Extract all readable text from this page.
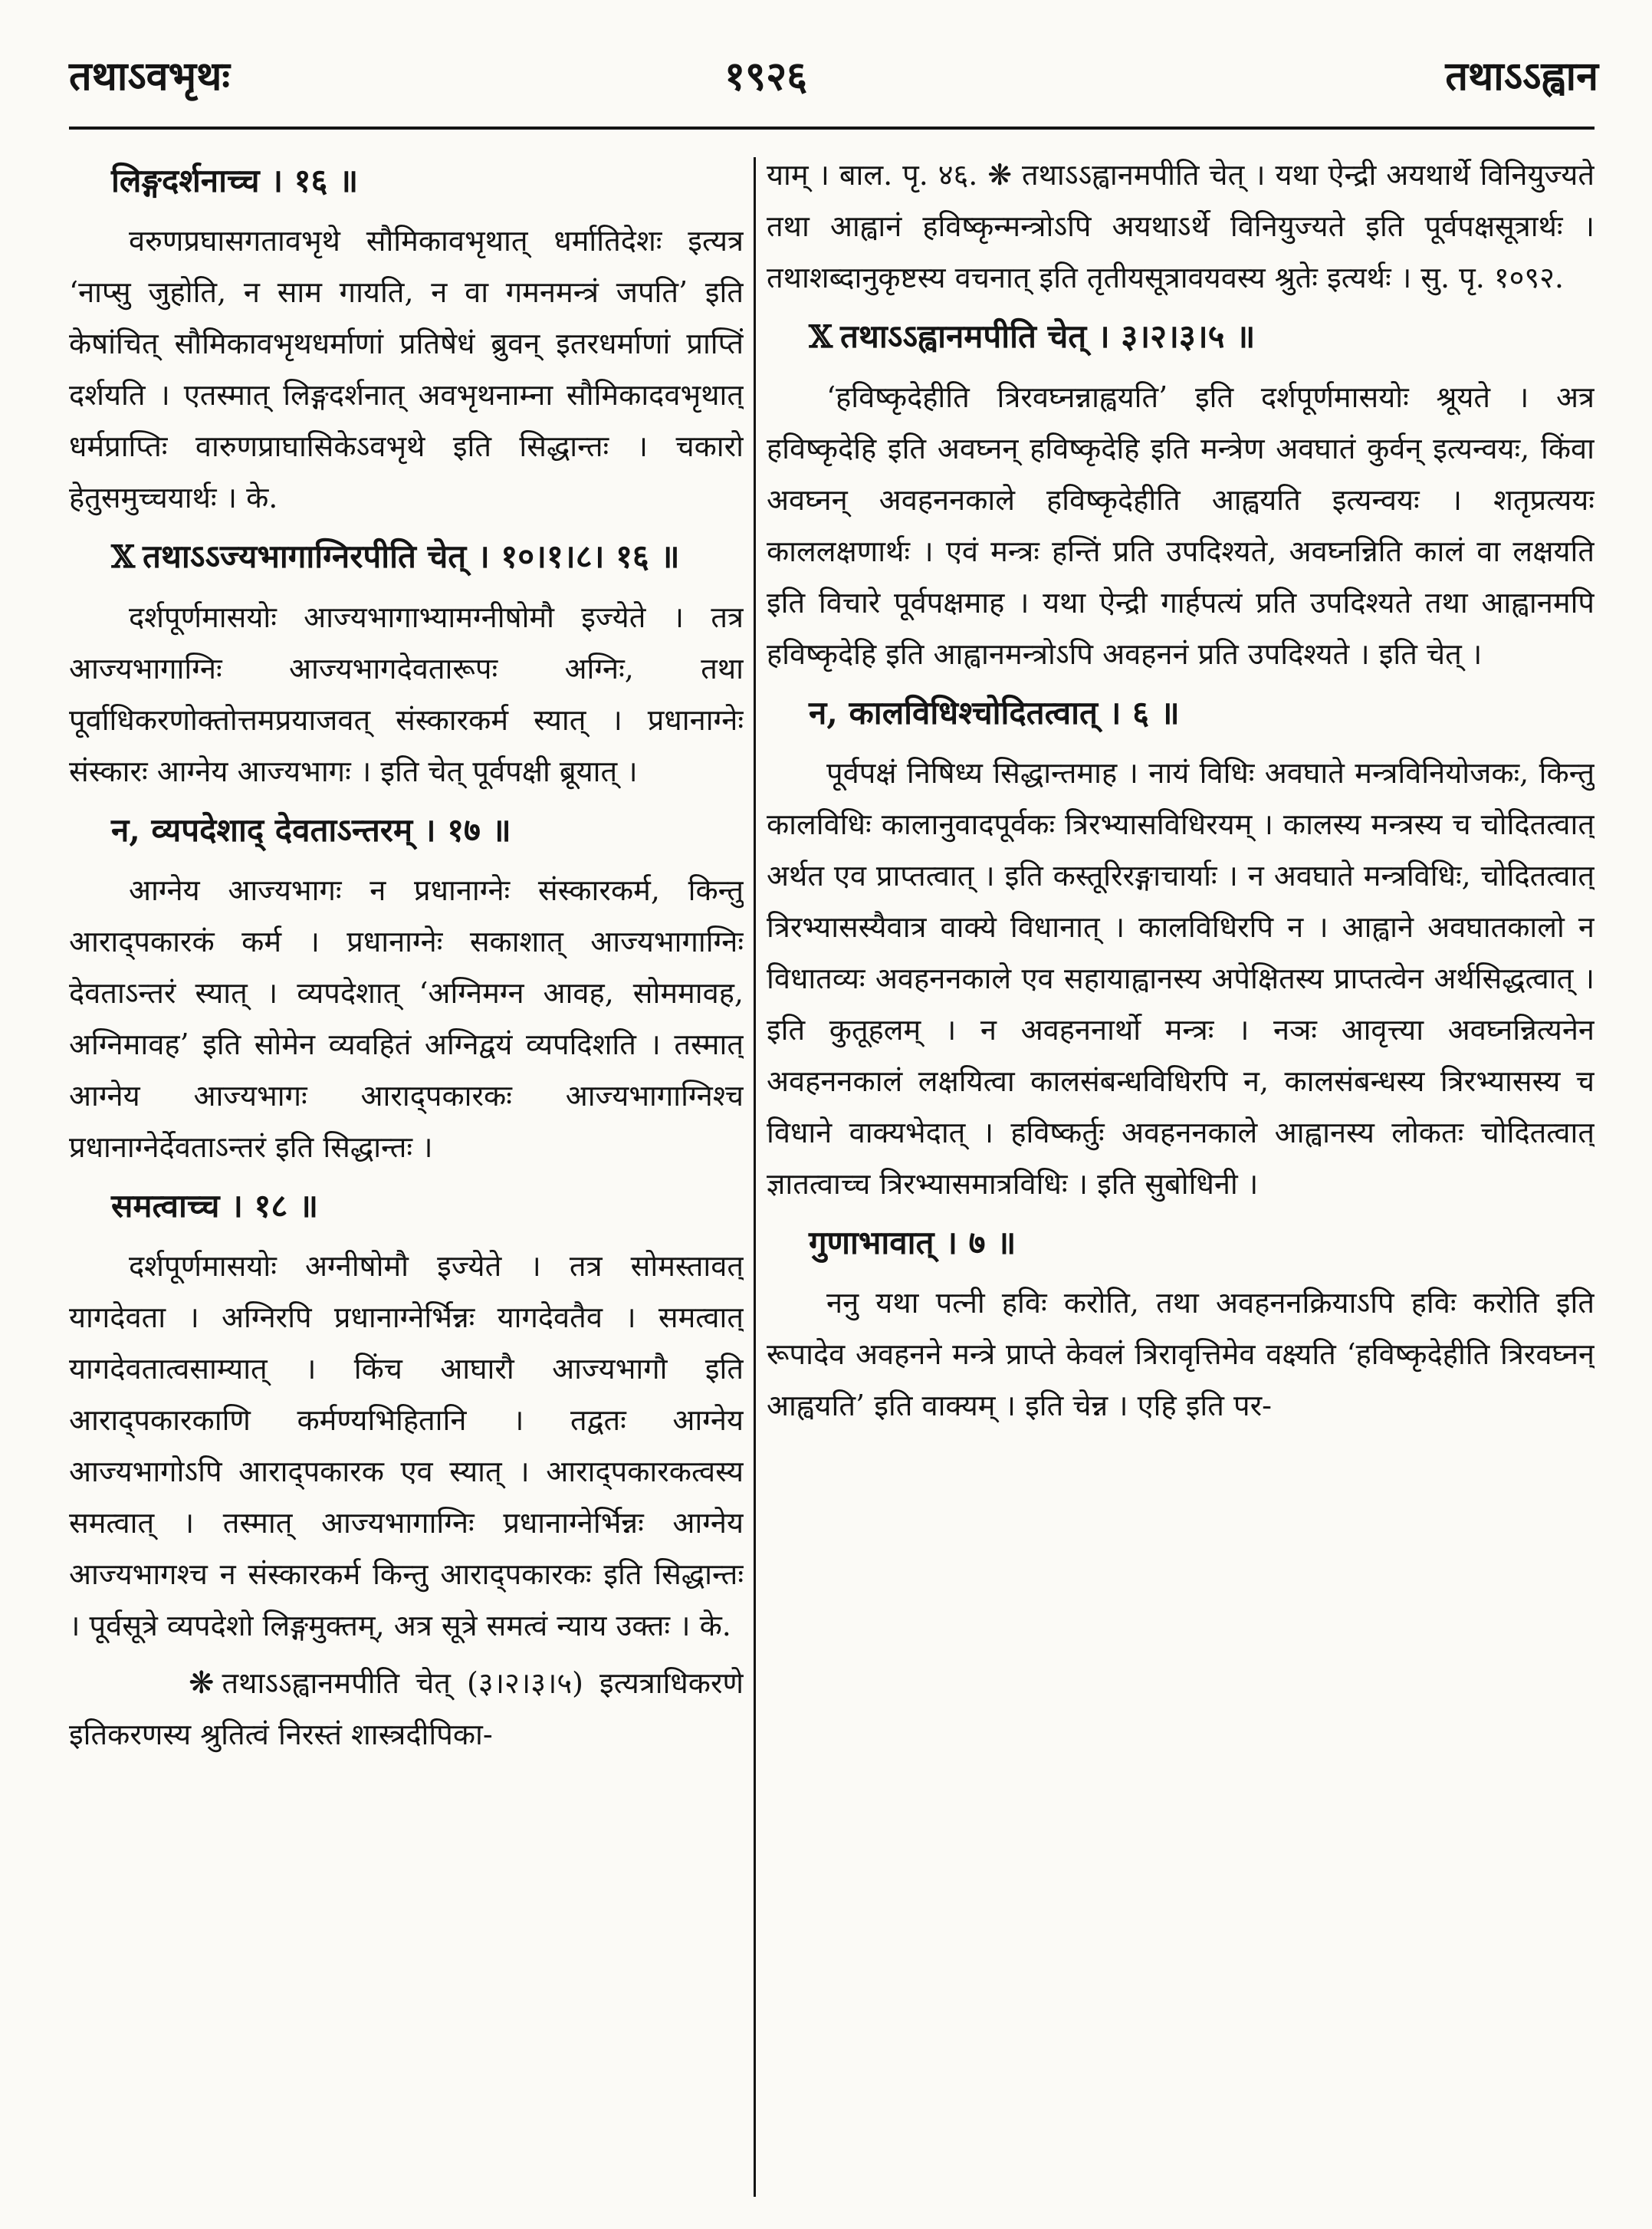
तथाऽवभृथः	१९२६	तथाऽऽह्वान
लिङ्गदर्शनाच्च । १६ ॥

वरुणप्रघासगतावभृथे सौमिकावभृथात् धर्मातिदेशः इत्यत्र ‘नाप्सु जुहोति, न साम गायति, न वा गमनमन्त्रं जपति’ इति केषांचित् सौमिकावभृथधर्माणां प्रतिषेधं ब्रुवन् इतरधर्माणां प्राप्तिं दर्शयति । एतस्मात् लिङ्गदर्शनात् अवभृथनाम्ना सौमिकादवभृथात् धर्मप्राप्तिः वारुणप्राघासिकेऽवभृथे इति सिद्धान्तः । चकारो हेतुसमुच्चयार्थः । के.

𝕏 तथाऽऽज्यभागाग्निरपीति चेत् । १०।१।८। १६ ॥

दर्शपूर्णमासयोः आज्यभागाभ्यामग्नीषोमौ इज्येते । तत्र आज्यभागाग्निः आज्यभागदेवतारूपः अग्निः, तथा पूर्वाधिकरणोक्तोत्तमप्रयाजवत् संस्कारकर्म स्यात् । प्रधानाग्नेः संस्कारः आग्नेय आज्यभागः । इति चेत् पूर्वपक्षी ब्रूयात् ।

न, व्यपदेशाद् देवताऽन्तरम् । १७ ॥

आग्नेय आज्यभागः न प्रधानाग्नेः संस्कारकर्म, किन्तु आराद्‌पकारकं कर्म । प्रधानाग्नेः सकाशात् आज्यभागाग्निः देवताऽन्तरं स्यात् । व्यपदेशात् ‘अग्निमग्न आवह, सोममावह, अग्निमावह’ इति सोमेन व्यवहितं अग्निद्वयं व्यपदिशति । तस्मात् आग्नेय आज्यभागः आराद्‌पकारकः आज्यभागाग्निश्च प्रधानाग्नेर्देवताऽन्तरं इति सिद्धान्तः ।

समत्वाच्च । १८ ॥

दर्शपूर्णमासयोः अग्नीषोमौ इज्येते । तत्र सोमस्तावत् यागदेवता । अग्निरपि प्रधानाग्नेर्भिन्नः यागदेवतैव । समत्वात् यागदेवतात्वसाम्यात् । किंच आघारौ आज्यभागौ इति आराद्‌पकारकाणि कर्मण्यभिहितानि । तद्वतः आग्नेय आज्यभागोऽपि आराद्‌पकारक एव स्यात् । आराद्‌पकारकत्वस्य समत्वात् । तस्मात् आज्यभागाग्निः प्रधानाग्नेर्भिन्नः आग्नेय आज्यभागश्च न संस्कारकर्म किन्तु आराद्‌पकारकः इति सिद्धान्तः । पूर्वसूत्रे व्यपदेशो लिङ्गमुक्तम्, अत्र सूत्रे समत्वं न्याय उक्तः । के.

❋ तथाऽऽह्वानमपीति चेत् (३।२।३।५) इत्यत्राधिकरणे इतिकरणस्य श्रुतित्वं निरस्तं शास्त्रदीपिका-

याम् । बाल. पृ. ४६. ❋ तथाऽऽह्वानमपीति चेत् । यथा ऐन्द्री अयथार्थे विनियुज्यते तथा आह्वानं हविष्कृन्मन्त्रोऽपि अयथाऽर्थे विनियुज्यते इति पूर्वपक्षसूत्रार्थः । तथाशब्दानुकृष्टस्य वचनात् इति तृतीयसूत्रावयवस्य श्रुतेः इत्यर्थः । सु. पृ. १०९२.

𝕏 तथाऽऽह्वानमपीति चेत् । ३।२।३।५ ॥

‘हविष्कृदेहीति त्रिरवघ्नन्नाह्वयति’ इति दर्शपूर्णमासयोः श्रूयते । अत्र हविष्कृदेहि इति अवघ्नन् हविष्कृदेहि इति मन्त्रेण अवघातं कुर्वन् इत्यन्वयः, किंवा अवघ्नन् अवहननकाले हविष्कृदेहीति आह्वयति इत्यन्वयः । शतृप्रत्ययः काललक्षणार्थः । एवं मन्त्रः हन्तिं प्रति उपदिश्यते, अवघ्नन्निति कालं वा लक्षयति इति विचारे पूर्वपक्षमाह । यथा ऐन्द्री गार्हपत्यं प्रति उपदिश्यते तथा आह्वानमपि हविष्कृदेहि इति आह्वानमन्त्रोऽपि अवहननं प्रति उपदिश्यते । इति चेत् ।

न, कालविधिश्चोदितत्वात् । ६ ॥

पूर्वपक्षं निषिध्य सिद्धान्तमाह । नायं विधिः अवघाते मन्त्रविनियोजकः, किन्तु कालविधिः कालानुवादपूर्वकः त्रिरभ्यासविधिरयम् । कालस्य मन्त्रस्य च चोदितत्वात् अर्थत एव प्राप्तत्वात् । इति कस्तूरिरङ्गाचार्याः । न अवघाते मन्त्रविधिः, चोदितत्वात् त्रिरभ्यासस्यैवात्र वाक्ये विधानात् । कालविधिरपि न । आह्वाने अवघातकालो न विधातव्यः अवहननकाले एव सहायाह्वानस्य अपेक्षितस्य प्राप्तत्वेन अर्थसिद्धत्वात् । इति कुतूहलम् । न अवहननार्थो मन्त्रः । नञः आवृत्त्या अवघ्नन्नित्यनेन अवहननकालं लक्षयित्वा कालसंबन्धविधिरपि न, कालसंबन्धस्य त्रिरभ्यासस्य च विधाने वाक्यभेदात् । हविष्कर्तुः अवहननकाले आह्वानस्य लोकतः चोदितत्वात् ज्ञातत्वाच्च त्रिरभ्यासमात्रविधिः । इति सुबोधिनी ।

गुणाभावात् । ७ ॥

ननु यथा पत्नी हविः करोति, तथा अवहननक्रियाऽपि हविः करोति इति रूपादेव अवहनने मन्त्रे प्राप्ते केवलं त्रिरावृत्तिमेव वक्ष्यति ‘हविष्कृदेहीति त्रिरवघ्नन् आह्वयति’ इति वाक्यम् । इति चेन्न । एहि इति पर-
